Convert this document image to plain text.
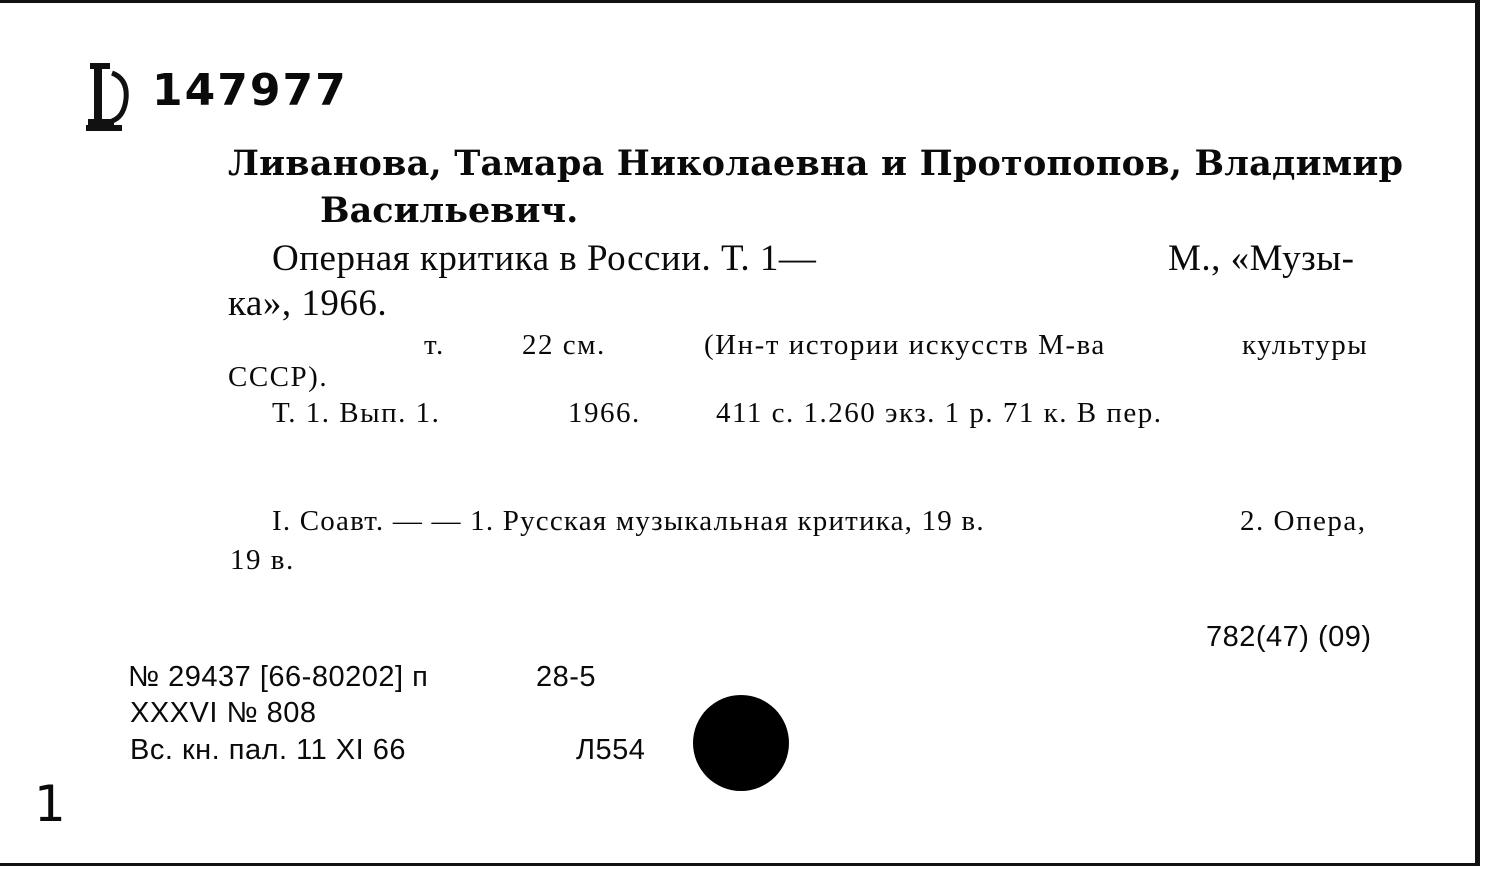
147977
Ливанова, Тамара Николаевна и Протопопов, Владимир
Васильевич.
Оперная критика в России. Т. 1—	М., «Музы-
ка», 1966.
т.	22 см.	(Ин-т истории искусств М-ва	культуры
СССР).
Т. 1. Вып. 1.	1966.	411 с. 1.260 экз. 1 р. 71 к. В пер.
I. Соавт. — — 1. Русская музыкальная критика, 19 в.	2. Опера,
19 в.
782(47) (09)
№ 29437 [66-80202] п	28-5
XXXVI № 808
Вс. кн. пал. 11 XI 66	Л554
1
